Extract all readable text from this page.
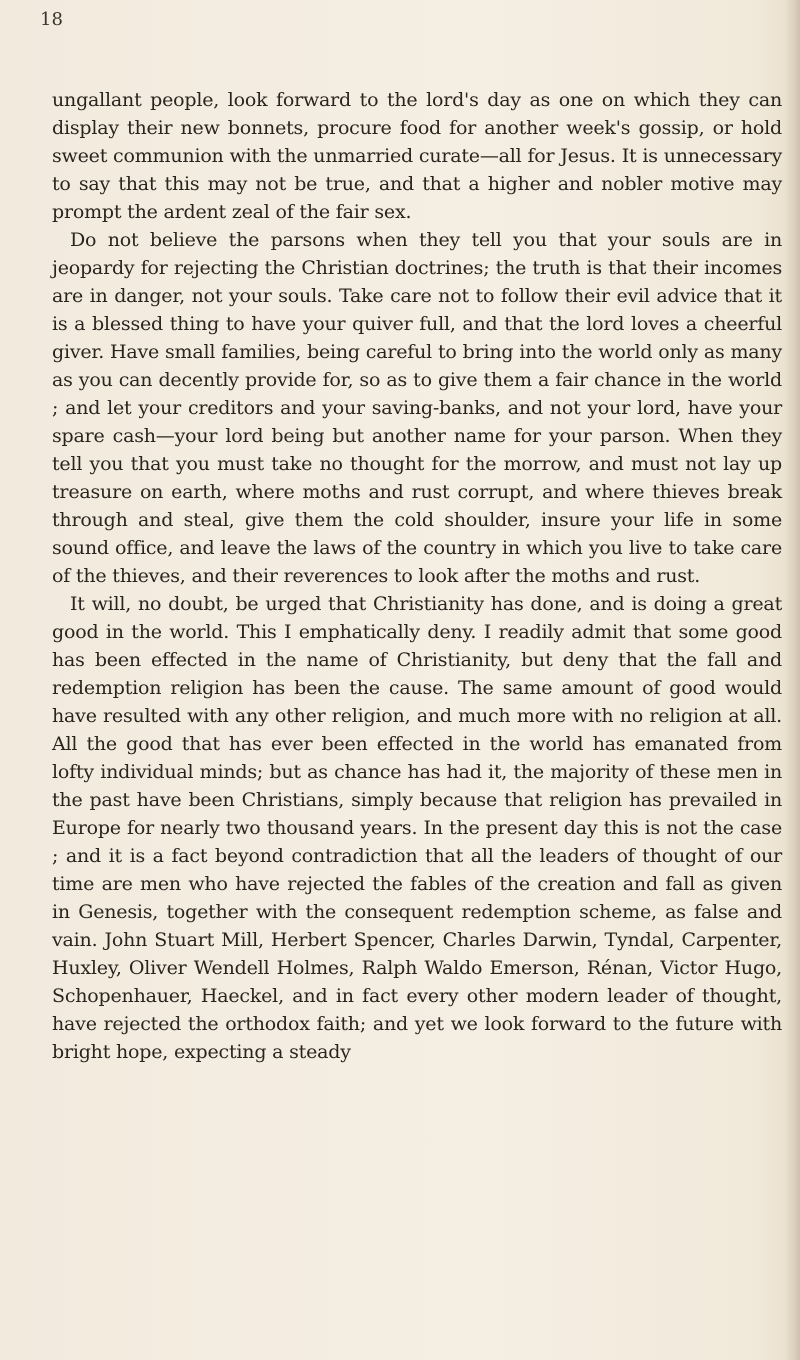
18

ungallant people, look forward to the lord's day as one on which they can display their new bonnets, procure food for another week's gossip, or hold sweet communion with the unmarried curate—all for Jesus. It is unnecessary to say that this may not be true, and that a higher and nobler motive may prompt the ardent zeal of the fair sex.

Do not believe the parsons when they tell you that your souls are in jeopardy for rejecting the Christian doctrines; the truth is that their incomes are in danger, not your souls. Take care not to follow their evil advice that it is a blessed thing to have your quiver full, and that the lord loves a cheerful giver. Have small families, being careful to bring into the world only as many as you can decently provide for, so as to give them a fair chance in the world ; and let your creditors and your saving-banks, and not your lord, have your spare cash—your lord being but another name for your parson. When they tell you that you must take no thought for the morrow, and must not lay up treasure on earth, where moths and rust corrupt, and where thieves break through and steal, give them the cold shoulder, insure your life in some sound office, and leave the laws of the country in which you live to take care of the thieves, and their reverences to look after the moths and rust.

It will, no doubt, be urged that Christianity has done, and is doing a great good in the world. This I emphatically deny. I readily admit that some good has been effected in the name of Christianity, but deny that the fall and redemption religion has been the cause. The same amount of good would have resulted with any other religion, and much more with no religion at all. All the good that has ever been effected in the world has emanated from lofty individual minds; but as chance has had it, the majority of these men in the past have been Christians, simply because that religion has prevailed in Europe for nearly two thousand years. In the present day this is not the case ; and it is a fact beyond contradiction that all the leaders of thought of our time are men who have rejected the fables of the creation and fall as given in Genesis, together with the consequent redemption scheme, as false and vain. John Stuart Mill, Herbert Spencer, Charles Darwin, Tyndal, Carpenter, Huxley, Oliver Wendell Holmes, Ralph Waldo Emerson, Rénan, Victor Hugo, Schopenhauer, Haeckel, and in fact every other modern leader of thought, have rejected the orthodox faith; and yet we look forward to the future with bright hope, expecting a steady
